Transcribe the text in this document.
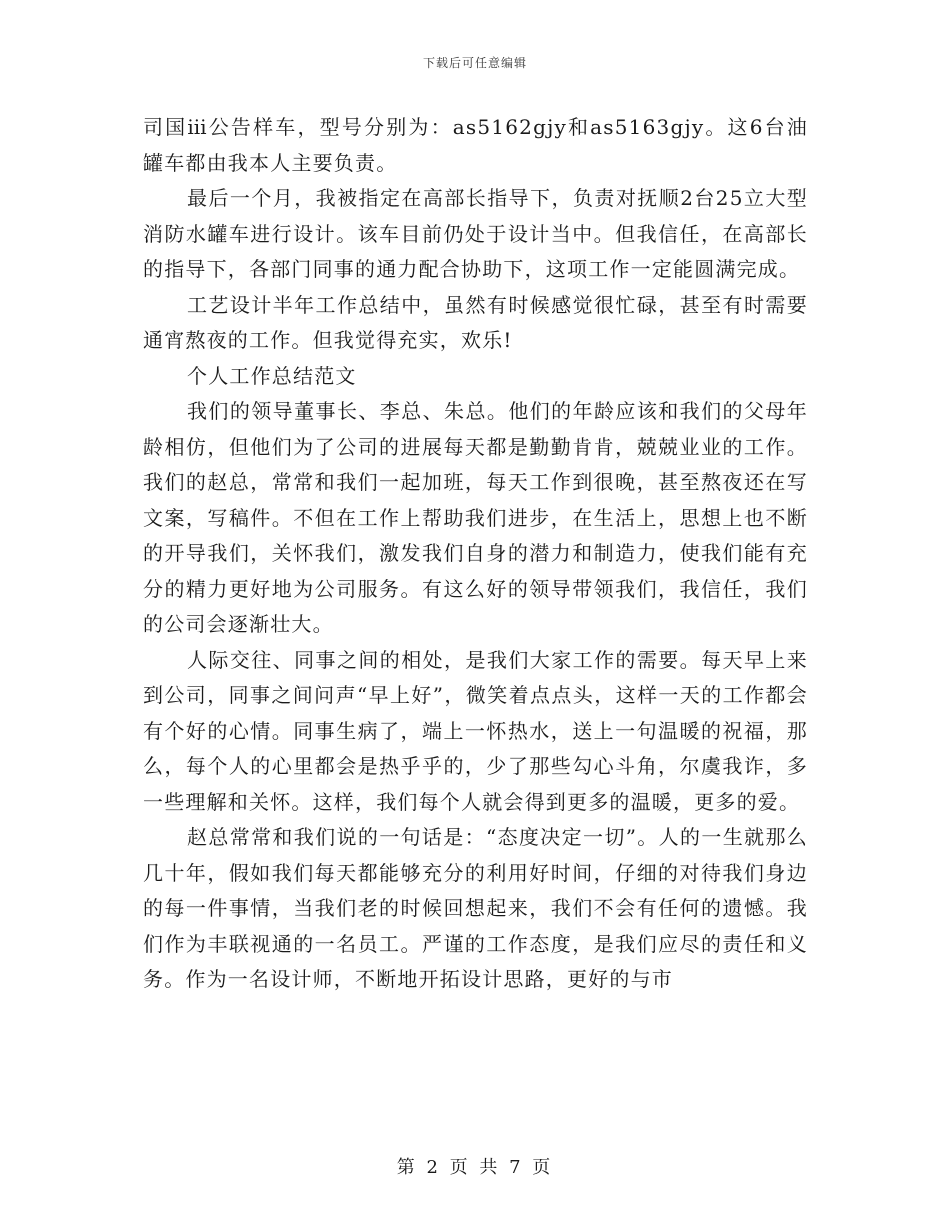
下载后可任意编辑

司国ⅲ公告样车，型号分别为：as5162gjy和as5163gjy。这6台油罐车都由我本人主要负责。

最后一个月，我被指定在高部长指导下，负责对抚顺2台25立大型消防水罐车进行设计。该车目前仍处于设计当中。但我信任，在高部长的指导下，各部门同事的通力配合协助下，这项工作一定能圆满完成。

工艺设计半年工作总结中，虽然有时候感觉很忙碌，甚至有时需要通宵熬夜的工作。但我觉得充实，欢乐!

个人工作总结范文

我们的领导董事长、李总、朱总。他们的年龄应该和我们的父母年龄相仿，但他们为了公司的进展每天都是勤勤肯肯，兢兢业业的工作。我们的赵总，常常和我们一起加班，每天工作到很晚，甚至熬夜还在写文案，写稿件。不但在工作上帮助我们进步，在生活上，思想上也不断的开导我们，关怀我们，激发我们自身的潜力和制造力，使我们能有充分的精力更好地为公司服务。有这么好的领导带领我们，我信任，我们的公司会逐渐壮大。

人际交往、同事之间的相处，是我们大家工作的需要。每天早上来到公司，同事之间问声“早上好”，微笑着点点头，这样一天的工作都会有个好的心情。同事生病了，端上一怀热水，送上一句温暖的祝福，那么，每个人的心里都会是热乎乎的，少了那些勾心斗角，尔虞我诈，多一些理解和关怀。这样，我们每个人就会得到更多的温暖，更多的爱。

赵总常常和我们说的一句话是：“态度决定一切”。人的一生就那么几十年，假如我们每天都能够充分的利用好时间，仔细的对待我们身边的每一件事情，当我们老的时候回想起来，我们不会有任何的遗憾。我们作为丰联视通的一名员工。严谨的工作态度，是我们应尽的责任和义务。作为一名设计师，不断地开拓设计思路，更好的与市

第 2 页 共 7 页
